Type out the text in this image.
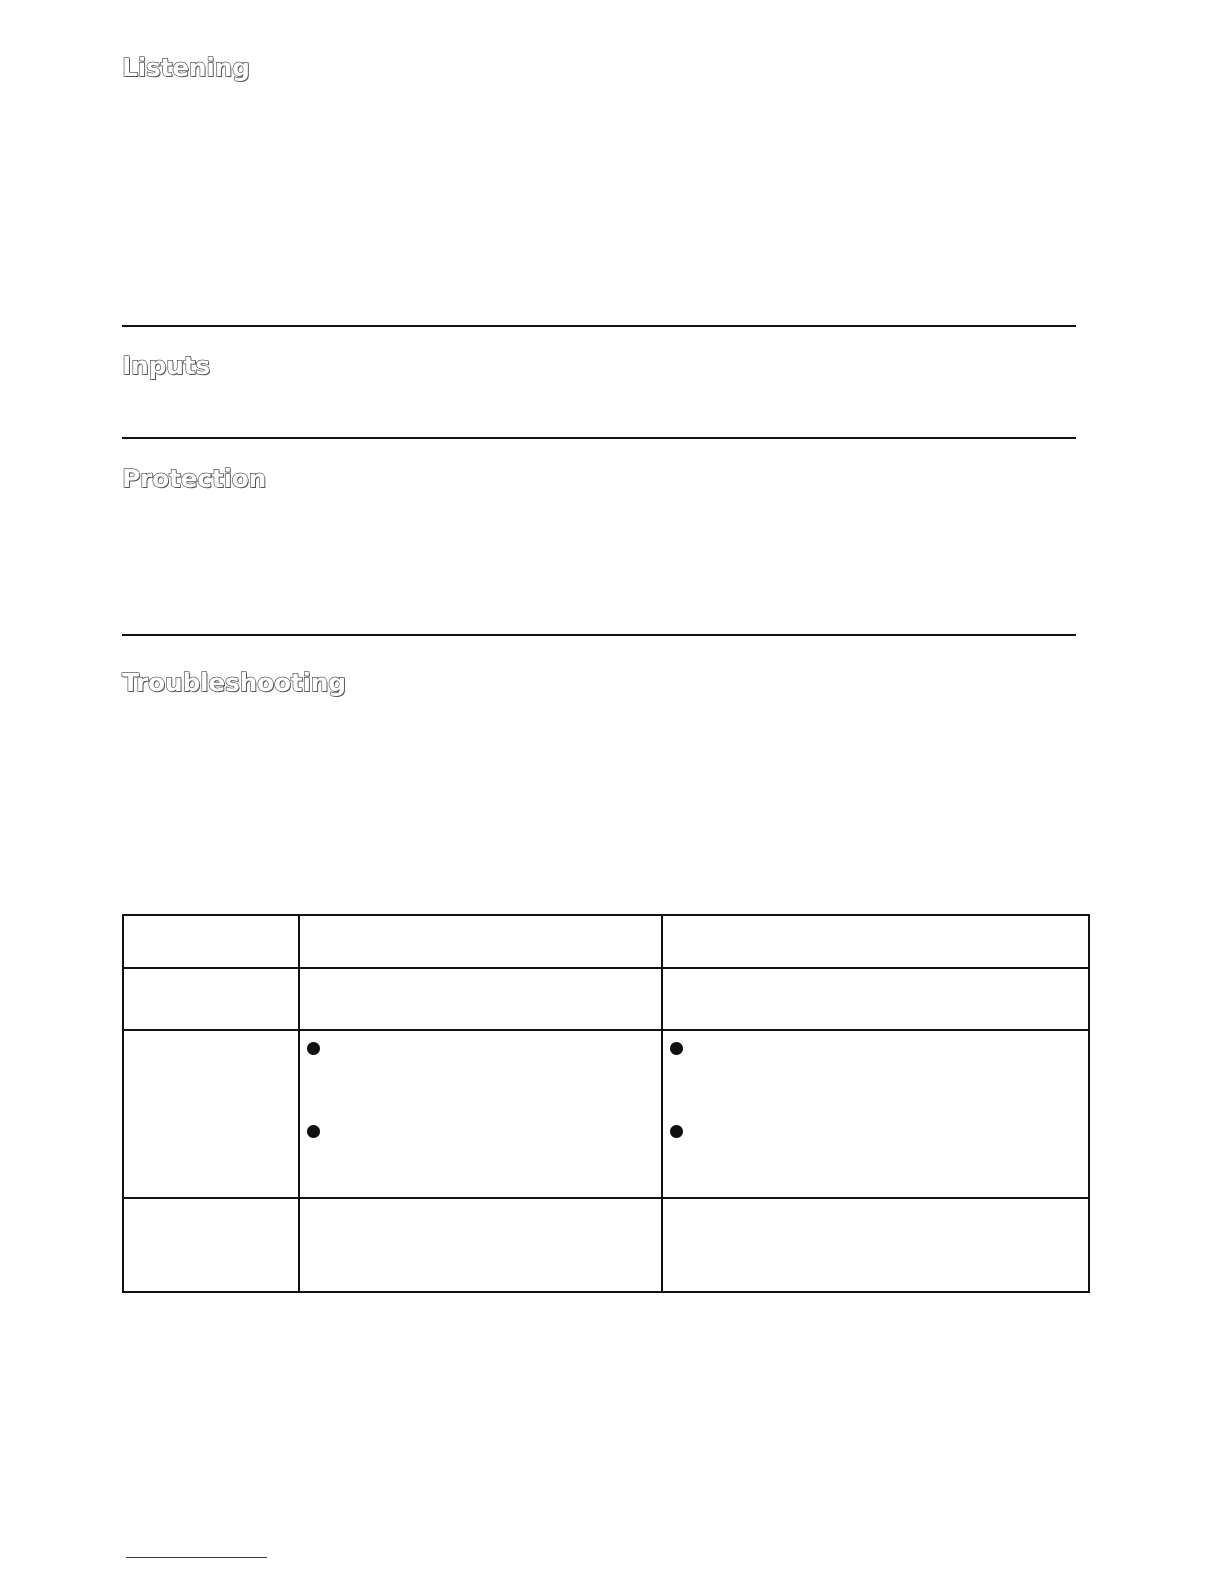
Listening
Inputs
Protection
Troubleshooting
